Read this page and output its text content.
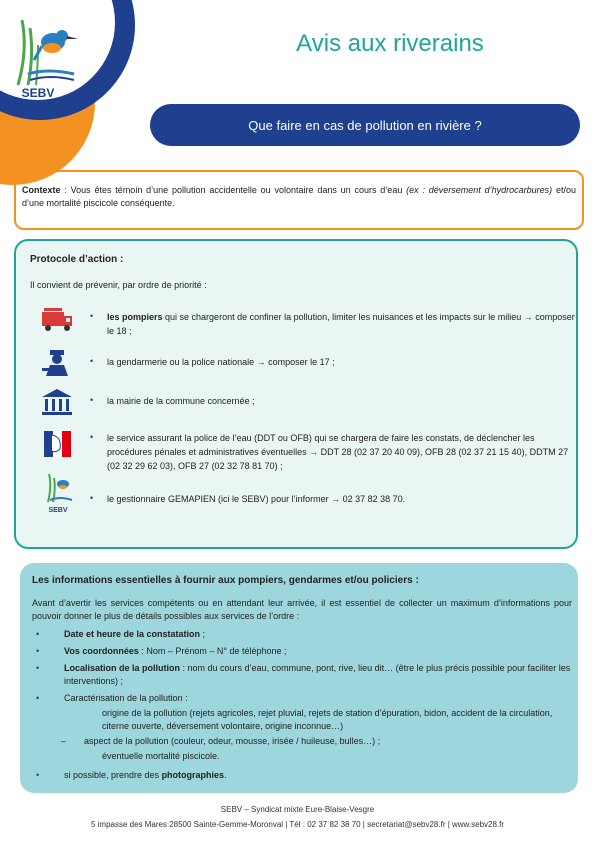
SEBV
Avis aux riverains
Que faire en cas de pollution en rivière ?
Contexte : Vous êtes témoin d’une pollution accidentelle ou volontaire dans un cours d’eau (ex : déversement d’hydrocarbures) et/ou d’une mortalité piscicole conséquente.
Protocole d’action :
Il convient de prévenir, par ordre de priorité :
• les pompiers qui se chargeront de confiner la pollution, limiter les nuisances et les impacts sur le milieu → composer le 18 ;
• la gendarmerie ou la police nationale → composer le 17 ;
• la mairie de la commune concernée ;
• le service assurant la police de l’eau (DDT ou OFB) qui se chargera de faire les constats, de déclencher les procédures pénales et administratives éventuelles → DDT 28 (02 37 20 40 09), OFB 28 (02 37 21 15 40), DDTM 27 (02 32 29 62 03), OFB 27 (02 32 78 81 70) ;
SEBV
• le gestionnaire GEMAPIEN (ici le SEBV) pour l’informer → 02 37 82 38 70.
Les informations essentielles à fournir aux pompiers, gendarmes et/ou policiers :
Avant d’avertir les services compétents ou en attendant leur arrivée, il est essentiel de collecter un maximum d’informations pour pouvoir donner le plus de détails possibles aux services de l’ordre :
•	Date et heure de la constatation ;
•	Vos coordonnées : Nom – Prénom – N° de téléphone ;
•	Localisation de la pollution : nom du cours d’eau, commune, pont, rive, lieu dit… (être le plus précis possible pour faciliter les interventions) ;
•	Caractérisation de la pollution :
origine de la pollution (rejets agricoles, rejet pluvial, rejets de station d’épuration, bidon, accident de la circulation, citerne ouverte, déversement volontaire, origine inconnue…)
–	aspect de la pollution (couleur, odeur, mousse, irisée / huileuse, bulles…) ;
éventuelle mortalité piscicole.
•	si possible, prendre des photographies.
SEBV – Syndicat mixte Eure-Blaise-Vesgre
5 impasse des Mares 28500 Sainte-Gemme-Moronval | Tél : 02 37 82 38 70 | secretariat@sebv28.fr | www.sebv28.fr
